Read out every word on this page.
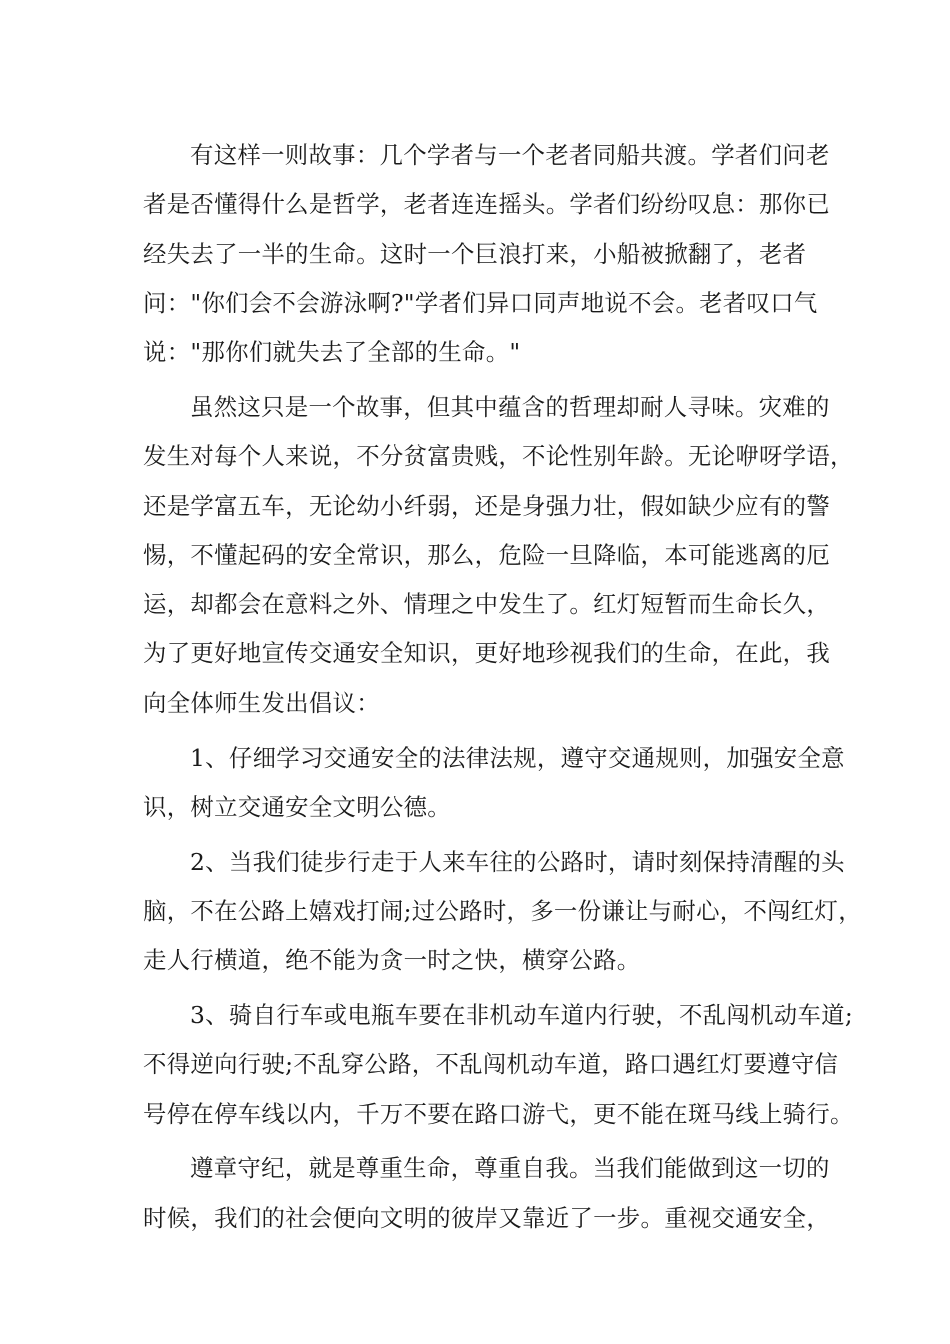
有这样一则故事：几个学者与一个老者同船共渡。学者们问老
者是否懂得什么是哲学，老者连连摇头。学者们纷纷叹息：那你已
经失去了一半的生命。这时一个巨浪打来，小船被掀翻了，老者
问："你们会不会游泳啊?"学者们异口同声地说不会。老者叹口气
说："那你们就失去了全部的生命。"
虽然这只是一个故事，但其中蕴含的哲理却耐人寻味。灾难的
发生对每个人来说，不分贫富贵贱，不论性别年龄。无论咿呀学语，
还是学富五车，无论幼小纤弱，还是身强力壮，假如缺少应有的警
惕，不懂起码的安全常识，那么，危险一旦降临，本可能逃离的厄
运，却都会在意料之外、情理之中发生了。红灯短暂而生命长久，
为了更好地宣传交通安全知识，更好地珍视我们的生命，在此，我
向全体师生发出倡议：
1、仔细学习交通安全的法律法规，遵守交通规则，加强安全意
识，树立交通安全文明公德。
2、当我们徒步行走于人来车往的公路时，请时刻保持清醒的头
脑，不在公路上嬉戏打闹;过公路时，多一份谦让与耐心，不闯红灯，
走人行横道，绝不能为贪一时之快，横穿公路。
3、骑自行车或电瓶车要在非机动车道内行驶，不乱闯机动车道;
不得逆向行驶;不乱穿公路，不乱闯机动车道，路口遇红灯要遵守信
号停在停车线以内，千万不要在路口游弋，更不能在斑马线上骑行。
遵章守纪，就是尊重生命，尊重自我。当我们能做到这一切的
时候，我们的社会便向文明的彼岸又靠近了一步。重视交通安全，
